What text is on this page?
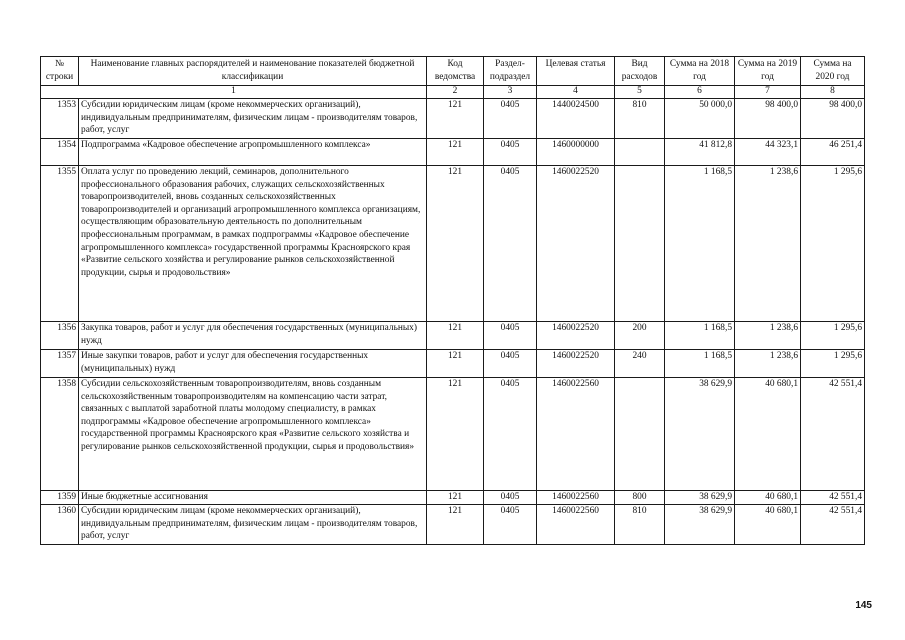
№ строки	Наименование главных распорядителей и наименование показателей бюджетной классификации	Код ведомства	Раздел-подраздел	Целевая статья	Вид расходов	Сумма на 2018 год	Сумма на 2019 год	Сумма на 2020 год
1		2	3	4	5	6	7	8
1353	Субсидии юридическим лицам (кроме некоммерческих организаций), индивидуальным предпринимателям, физическим лицам - производителям товаров, работ, услуг	121	0405	1440024500	810	50 000,0	98 400,0	98 400,0
1354	Подпрограмма «Кадровое обеспечение агропромышленного комплекса»	121	0405	1460000000		41 812,8	44 323,1	46 251,4
1355	Оплата услуг по проведению лекций, семинаров, дополнительного профессионального образования рабочих, служащих сельскохозяйственных товаропроизводителей, вновь созданных сельскохозяйственных товаропроизводителей и организаций агропромышленного комплекса организациям, осуществляющим образовательную деятельность по дополнительным профессиональным программам, в рамках подпрограммы «Кадровое обеспечение агропромышленного комплекса» государственной программы Красноярского края «Развитие сельского хозяйства и регулирование рынков сельскохозяйственной продукции, сырья и продовольствия»	121	0405	1460022520		1 168,5	1 238,6	1 295,6
1356	Закупка товаров, работ и услуг для обеспечения государственных (муниципальных) нужд	121	0405	1460022520	200	1 168,5	1 238,6	1 295,6
1357	Иные закупки товаров, работ и услуг для обеспечения государственных (муниципальных) нужд	121	0405	1460022520	240	1 168,5	1 238,6	1 295,6
1358	Субсидии сельскохозяйственным товаропроизводителям, вновь созданным сельскохозяйственным товаропроизводителям на компенсацию части затрат, связанных с выплатой заработной платы молодому специалисту, в рамках подпрограммы «Кадровое обеспечение агропромышленного комплекса» государственной программы Красноярского края «Развитие сельского хозяйства и регулирование рынков сельскохозяйственной продукции, сырья и продовольствия»	121	0405	1460022560		38 629,9	40 680,1	42 551,4
1359	Иные бюджетные ассигнования	121	0405	1460022560	800	38 629,9	40 680,1	42 551,4
1360	Субсидии юридическим лицам (кроме некоммерческих организаций), индивидуальным предпринимателям, физическим лицам - производителям товаров, работ, услуг	121	0405	1460022560	810	38 629,9	40 680,1	42 551,4
145
